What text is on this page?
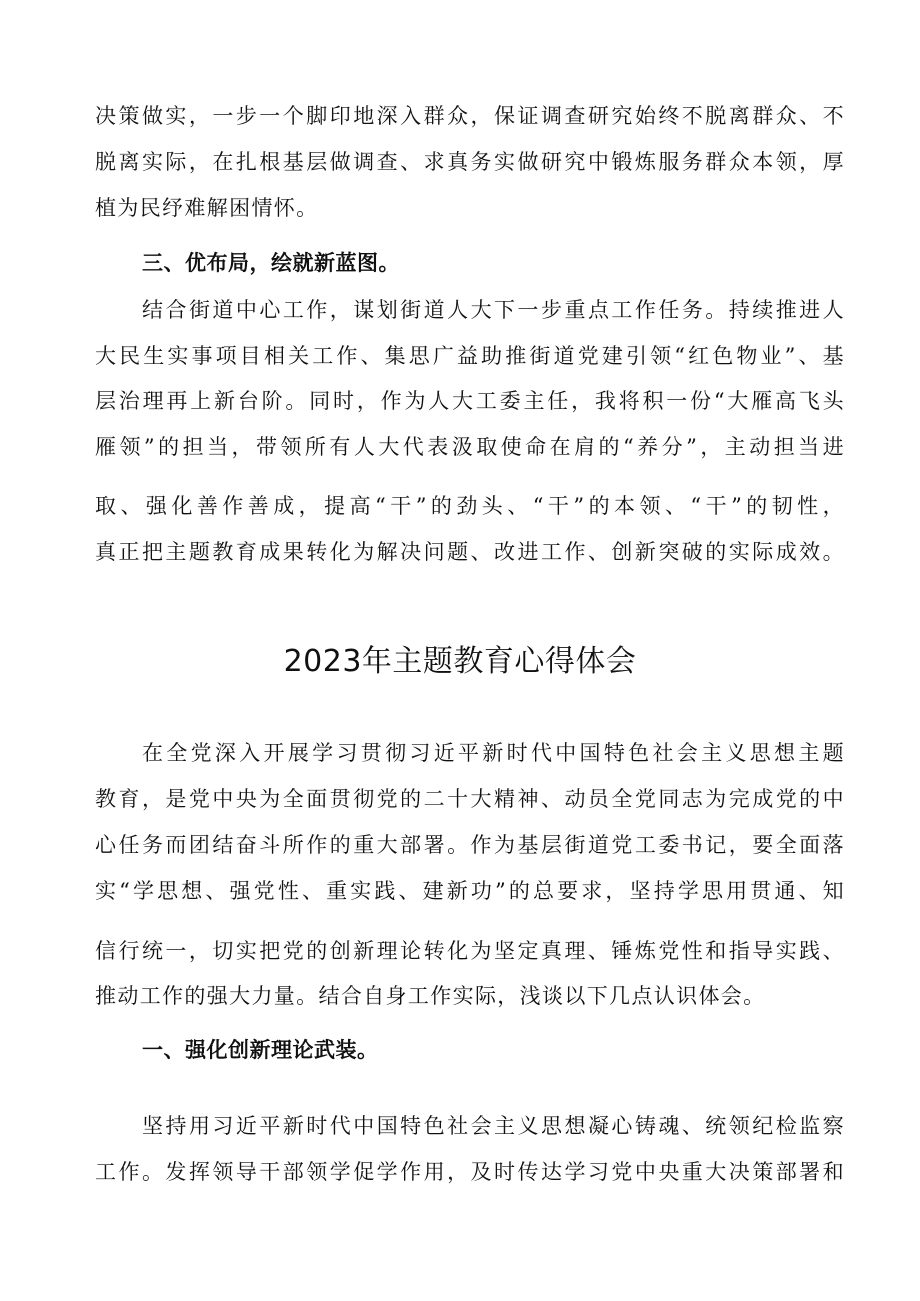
决策做实，一步一个脚印地深入群众，保证调查研究始终不脱离群众、不
脱离实际，在扎根基层做调查、求真务实做研究中锻炼服务群众本领，厚
植为民纾难解困情怀。
三、优布局，绘就新蓝图。
结合街道中心工作，谋划街道人大下一步重点工作任务。持续推进人
大民生实事项目相关工作、集思广益助推街道党建引领“红色物业”、基
层治理再上新台阶。同时，作为人大工委主任，我将积一份“大雁高飞头
雁领”的担当，带领所有人大代表汲取使命在肩的“养分”，主动担当进
取、强化善作善成，提高“干”的劲头、“干”的本领、“干”的韧性，
真正把主题教育成果转化为解决问题、改进工作、创新突破的实际成效。
2023年主题教育心得体会
在全党深入开展学习贯彻习近平新时代中国特色社会主义思想主题
教育，是党中央为全面贯彻党的二十大精神、动员全党同志为完成党的中
心任务而团结奋斗所作的重大部署。作为基层街道党工委书记，要全面落
实“学思想、强党性、重实践、建新功”的总要求，坚持学思用贯通、知
信行统一，切实把党的创新理论转化为坚定真理、锤炼党性和指导实践、
推动工作的强大力量。结合自身工作实际，浅谈以下几点认识体会。
一、强化创新理论武装。
坚持用习近平新时代中国特色社会主义思想凝心铸魂、统领纪检监察
工作。发挥领导干部领学促学作用，及时传达学习党中央重大决策部署和
